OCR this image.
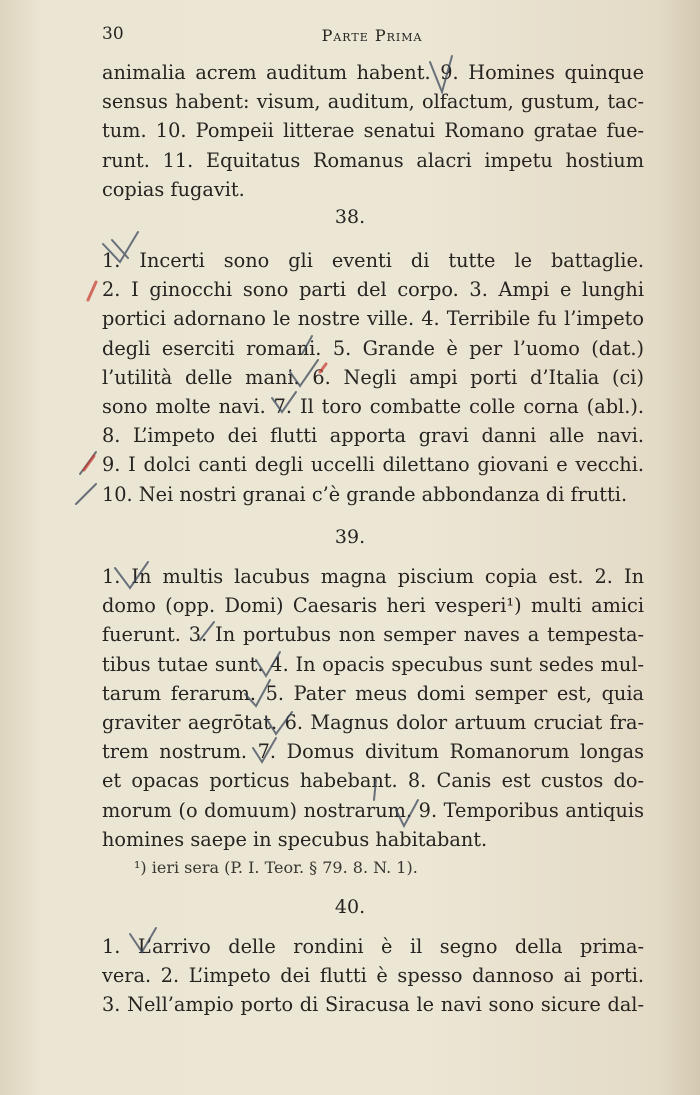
30	Parte Prima
animalia acrem auditum habent. 9. Homines quinque
sensus habent: visum, auditum, olfactum, gustum, tac-
tum. 10. Pompeii litterae senatui Romano gratae fue-
runt. 11. Equitatus Romanus alacri impetu hostium
copias fugavit.
38.
1. Incerti sono gli eventi di tutte le battaglie.
2. I ginocchi sono parti del corpo. 3. Ampi e lunghi
portici adornano le nostre ville. 4. Terribile fu l’impeto
degli eserciti romani. 5. Grande è per l’uomo (dat.)
l’utilità delle mani. 6. Negli ampi porti d’Italia (ci)
sono molte navi. 7. Il toro combatte colle corna (abl.).
8. L’impeto dei flutti apporta gravi danni alle navi.
9. I dolci canti degli uccelli dilettano giovani e vecchi.
10. Nei nostri granai c’è grande abbondanza di frutti.
39.
1. In multis lacubus magna piscium copia est. 2. In
domo (opp. Domi) Caesaris heri vesperi¹) multi amici
fuerunt. 3. In portubus non semper naves a tempesta-
tibus tutae sunt. 4. In opacis specubus sunt sedes mul-
tarum ferarum. 5. Pater meus domi semper est, quia
graviter aegrōtat. 6. Magnus dolor artuum cruciat fra-
trem nostrum. 7. Domus divitum Romanorum longas
et opacas porticus habebant. 8. Canis est custos do-
morum (o domuum) nostrarum. 9. Temporibus antiquis
homines saepe in specubus habitabant.
¹) ieri sera (P. I. Teor. § 79. 8. N. 1).
40.
1. L’arrivo delle rondini è il segno della prima-
vera. 2. L’impeto dei flutti è spesso dannoso ai porti.
3. Nell’ampio porto di Siracusa le navi sono sicure dal-
